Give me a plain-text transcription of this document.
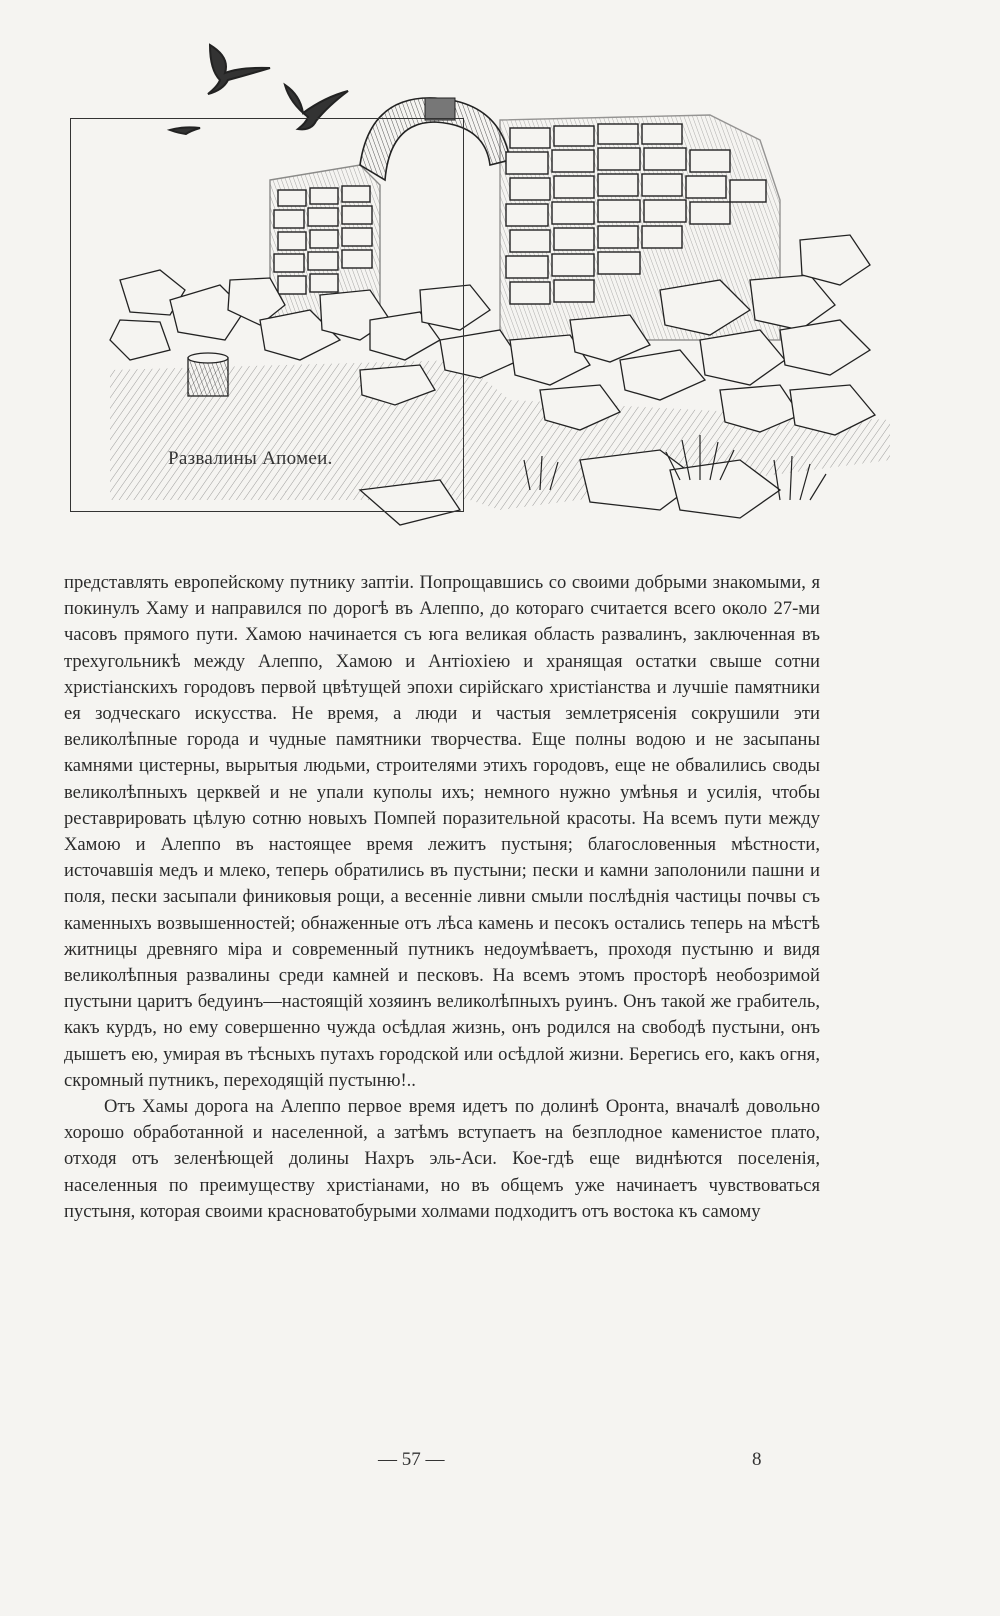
Развалины Апомеи.

представлять европейскому путнику заптiи. Попрощавшись со своими добрыми знакомыми, я покинулъ Хаму и направился по дорогѣ въ Алеппо, до котораго считается всего около 27-ми часовъ прямого пути. Хамою начинается съ юга великая область развалинъ, заключенная въ трехугольникѣ между Алеппо, Хамою и Антiохiею и хранящая остатки свыше сотни христiанскихъ городовъ первой цвѣтущей эпохи сирiйскаго христiанства и лучшiе памятники ея зодческаго искусства. Не время, а люди и частыя землетрясенiя сокрушили эти великолѣпные города и чудные памятники творчества. Еще полны водою и не засыпаны камнями цистерны, вырытыя людьми, строителями этихъ городовъ, еще не обвалились своды великолѣпныхъ церквей и не упали куполы ихъ; немного нужно умѣнья и усилiя, чтобы реставрировать цѣлую сотню новыхъ Помпей поразительной красоты. На всемъ пути между Хамою и Алеппо въ настоящее время лежитъ пустыня; благословенныя мѣстности, источавшiя медъ и млеко, теперь обратились въ пустыни; пески и камни заполонили пашни и поля, пески засыпали финиковыя рощи, а весеннiе ливни смыли послѣднiя частицы почвы съ каменныхъ возвышенностей; обнаженные отъ лѣса камень и песокъ остались теперь на мѣстѣ житницы древняго мiра и современный путникъ недоумѣваетъ, проходя пустыню и видя великолѣпныя развалины среди камней и песковъ. На всемъ этомъ просторѣ необозримой пустыни царитъ бедуинъ—настоящiй хозяинъ великолѣпныхъ руинъ. Онъ такой же грабитель, какъ курдъ, но ему совершенно чужда осѣдлая жизнь, онъ родился на свободѣ пустыни, онъ дышетъ ею, умирая въ тѣсныхъ путахъ городской или осѣдлой жизни. Берегись его, какъ огня, скромный путникъ, переходящiй пустыню!..

Отъ Хамы дорога на Алеппо первое время идетъ по долинѣ Оронта, вначалѣ довольно хорошо обработанной и населенной, а затѣмъ вступаетъ на безплодное каменистое плато, отходя отъ зеленѣющей долины Нахръ эль-Аси. Кое-гдѣ еще виднѣются поселенiя, населенныя по преимуществу христiанами, но въ общемъ уже начинаетъ чувствоваться пустыня, которая своими красноватобурыми холмами подходитъ отъ востока къ самому

— 57 —	8
